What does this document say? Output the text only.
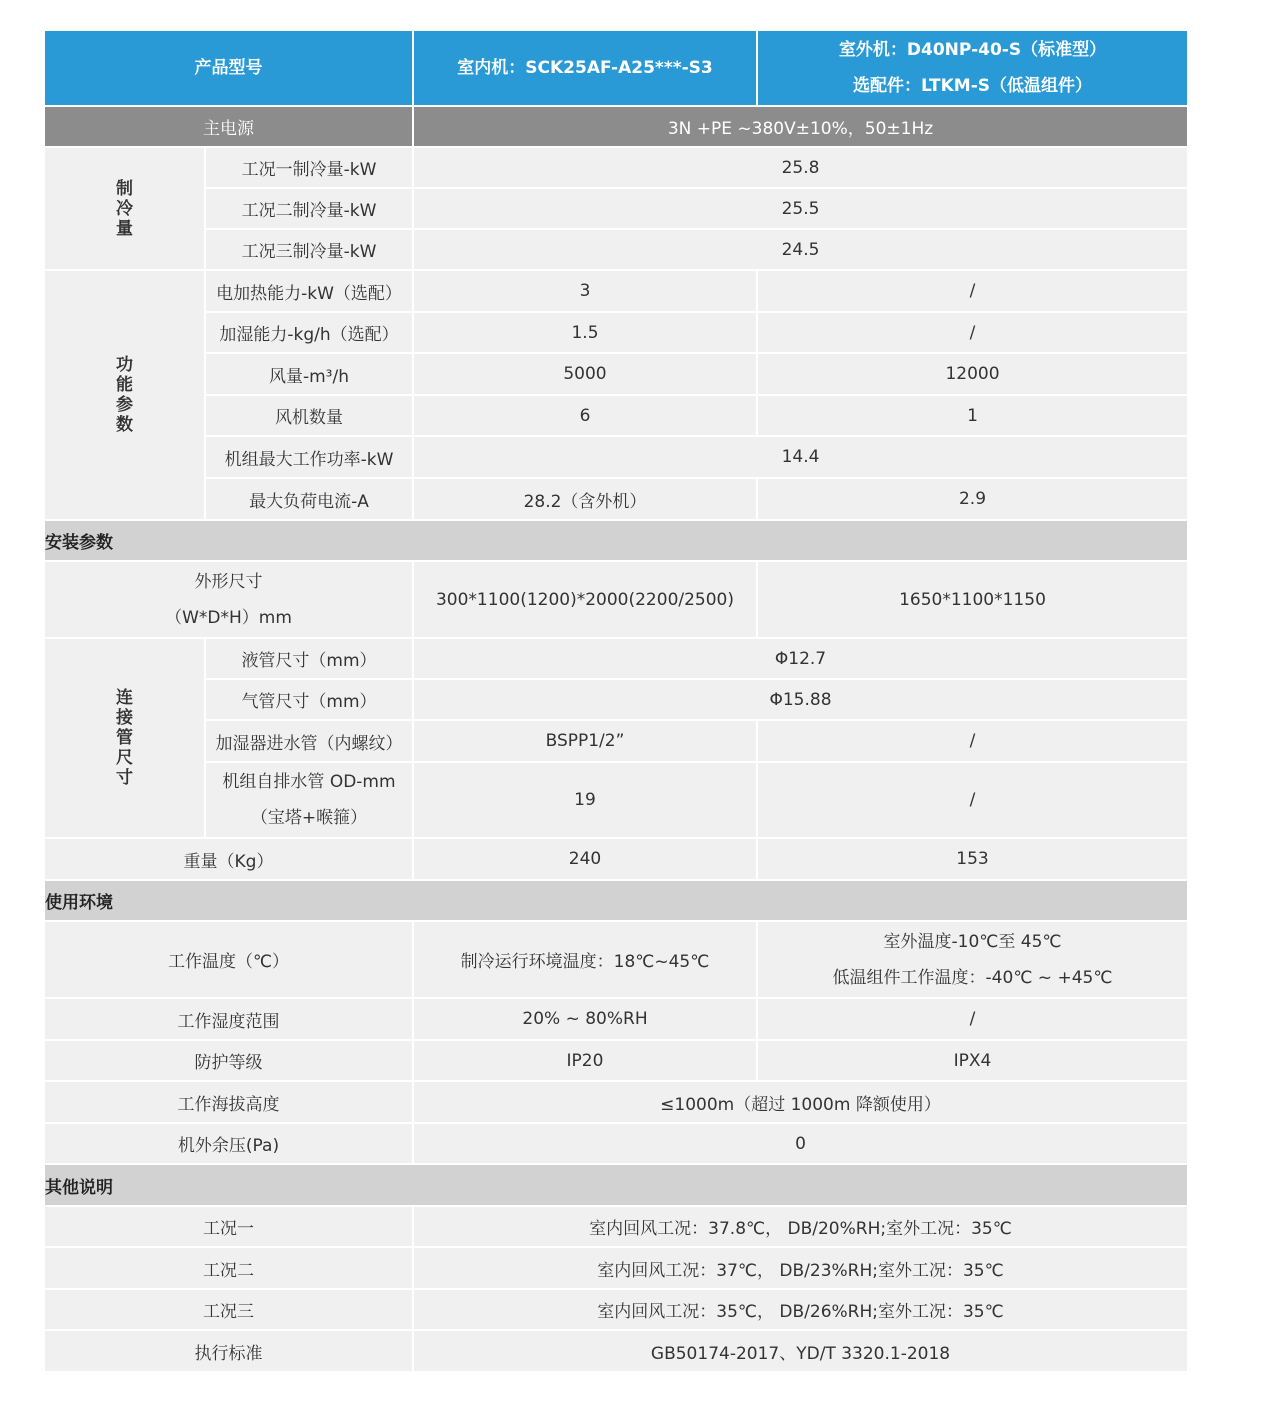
产品型号		室内机：SCK25AF-A25***-S3	室外机：D40NP-40-S（标准型）
选配件：LTKM-S（低温组件）

主电源		3N +PE ~380V±10%，50±1Hz	

制
冷
量	工况一制冷量-kW	25.8	
	工况二制冷量-kW	25.5	
	工况三制冷量-kW	24.5	

功
能
参
数	电加热能力-kW（选配）	3	/
	加湿能力-kg/h（选配）	1.5	/
	风量-m³/h	5000	12000
	风机数量	6	1
	机组最大工作功率-kW	14.4	
	最大负荷电流-A	28.2（含外机）	2.9
安装参数			

外形尺寸
（W*D*H）mm		300*1100(1200)*2000(2200/2500)	1650*1100*1150

连
接
管
尺
寸	液管尺寸（mm）	Φ12.7	
	气管尺寸（mm）	Φ15.88	
	加湿器进水管（内螺纹）	BSPP1/2”	/

	机组自排水管 OD-mm
（宝塔+喉箍）	19	/
重量（Kg）		240	153
使用环境			
工作温度（℃）		制冷运行环境温度：18℃~45℃	室外温度-10℃至 45℃
低温组件工作温度：-40℃ ~ +45℃

工作湿度范围		20% ~ 80%RH	/
防护等级		IP20	IPX4
工作海拔高度		≤1000m（超过 1000m 降额使用）	
机外余压(Pa)		0	
其他说明			
工况一		室内回风工况：37.8℃， DB/20%RH;室外工况：35℃	
工况二		室内回风工况：37℃， DB/23%RH;室外工况：35℃	
工况三		室内回风工况：35℃， DB/26%RH;室外工况：35℃	
执行标准		GB50174-2017、YD/T 3320.1-2018	
